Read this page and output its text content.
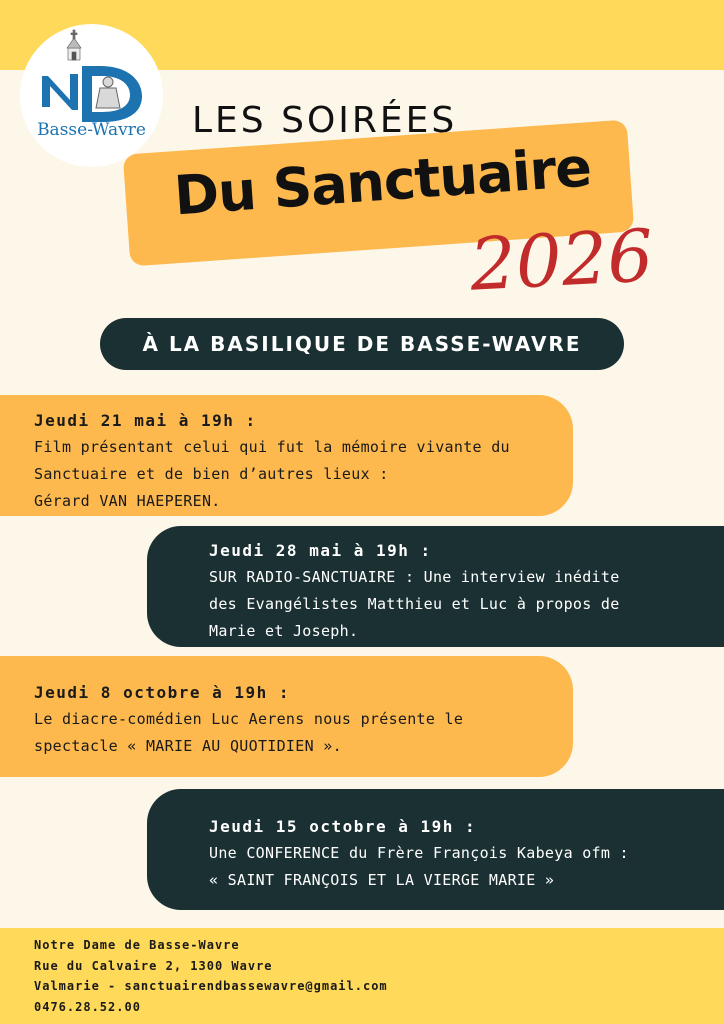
Basse-Wavre	LES SOIRÉES
Du Sanctuaire
2026
À LA BASILIQUE DE BASSE-WAVRE
Jeudi 21 mai à 19h :
Film présentant celui qui fut la mémoire vivante du
Sanctuaire et de bien d’autres lieux :
Gérard VAN HAEPEREN.
Jeudi 28 mai à 19h :
SUR RADIO-SANCTUAIRE : Une interview inédite
des Evangélistes Matthieu et Luc à propos de
Marie et Joseph.
Jeudi 8 octobre à 19h :
Le diacre-comédien Luc Aerens nous présente le
spectacle « MARIE AU QUOTIDIEN ».
Jeudi 15 octobre à 19h :
Une CONFERENCE du Frère François Kabeya ofm :
« SAINT FRANÇOIS ET LA VIERGE MARIE »
Notre Dame de Basse-Wavre
Rue du Calvaire 2, 1300 Wavre
Valmarie - sanctuairendbassewavre@gmail.com
0476.28.52.00
